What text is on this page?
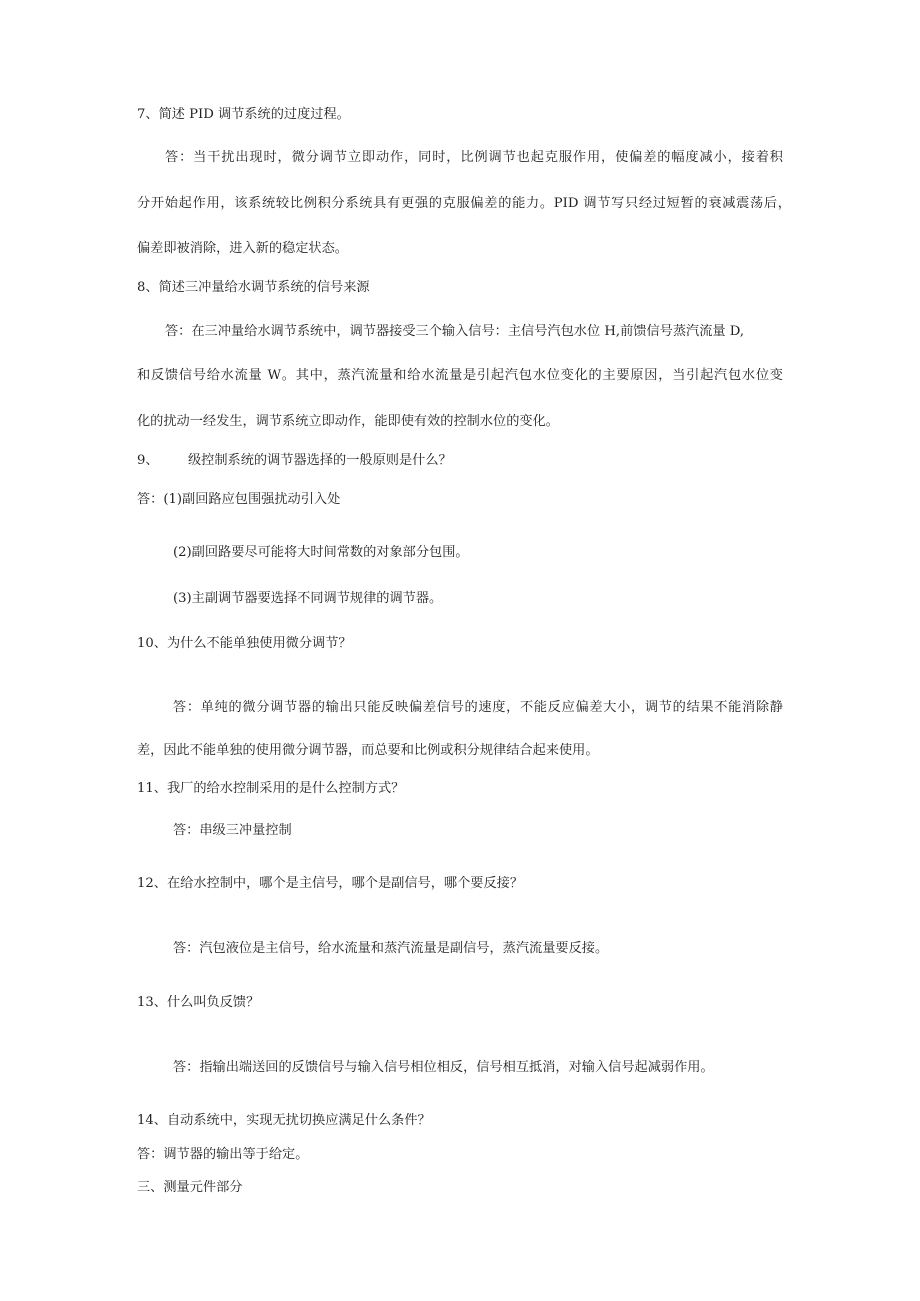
7、简述 PID 调节系统的过度过程。

答：当干扰出现时，微分调节立即动作，同时，比例调节也起克服作用，使偏差的幅度减小，接着积

分开始起作用，该系统较比例积分系统具有更强的克服偏差的能力。PID 调节写只经过短暂的衰减震荡后，

偏差即被消除，进入新的稳定状态。

8、简述三冲量给水调节系统的信号来源

答：在三冲量给水调节系统中，调节器接受三个输入信号：主信号汽包水位 H,前馈信号蒸汽流量 D,

和反馈信号给水流量 W。其中，蒸汽流量和给水流量是引起汽包水位变化的主要原因，当引起汽包水位变

化的扰动一经发生，调节系统立即动作，能即使有效的控制水位的变化。

9、 级控制系统的调节器选择的一般原则是什么？

答：(1)副回路应包围强扰动引入处

(2)副回路要尽可能将大时间常数的对象部分包围。

(3)主副调节器要选择不同调节规律的调节器。

10、为什么不能单独使用微分调节？

答：单纯的微分调节器的输出只能反映偏差信号的速度，不能反应偏差大小，调节的结果不能消除静

差，因此不能单独的使用微分调节器，而总要和比例或积分规律结合起来使用。

11、我厂的给水控制采用的是什么控制方式？

答：串级三冲量控制

12、在给水控制中，哪个是主信号，哪个是副信号，哪个要反接？

答：汽包液位是主信号，给水流量和蒸汽流量是副信号，蒸汽流量要反接。

13、什么叫负反馈？

答：指输出端送回的反馈信号与输入信号相位相反，信号相互抵消，对输入信号起减弱作用。

14、自动系统中，实现无扰切换应满足什么条件？

答：调节器的输出等于给定。

三、测量元件部分
